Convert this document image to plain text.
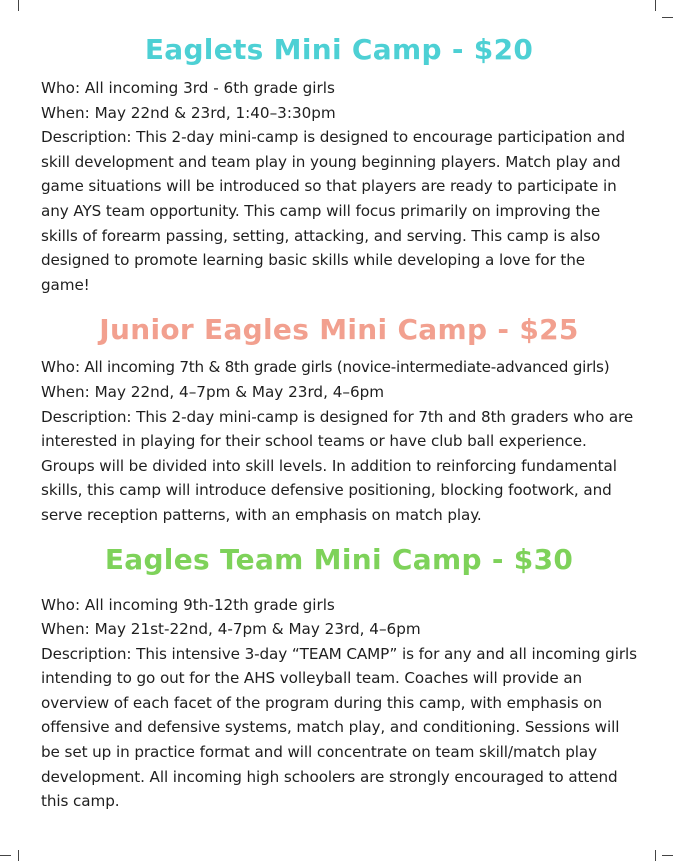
Eaglets Mini Camp - $20

Who: All incoming 3rd - 6th grade girls

When: May 22nd & 23rd, 1:40–3:30pm

Description: This 2-day mini-camp is designed to encourage participation and skill development and team play in young beginning players. Match play and game situations will be introduced so that players are ready to participate in any AYS team opportunity. This camp will focus primarily on improving the skills of forearm passing, setting, attacking, and serving. This camp is also designed to promote learning basic skills while developing a love for the game!

Junior Eagles Mini Camp - $25

Who: All incoming 7th & 8th grade girls (novice-intermediate-advanced girls)

When: May 22nd, 4–7pm & May 23rd, 4–6pm

Description: This 2-day mini-camp is designed for 7th and 8th graders who are interested in playing for their school teams or have club ball experience. Groups will be divided into skill levels. In addition to reinforcing fundamental skills, this camp will introduce defensive positioning, blocking footwork, and serve reception patterns, with an emphasis on match play.

Eagles Team Mini Camp - $30

Who: All incoming 9th-12th grade girls

When: May 21st-22nd, 4-7pm & May 23rd, 4–6pm

Description: This intensive 3-day “TEAM CAMP” is for any and all incoming girls intending to go out for the AHS volleyball team. Coaches will provide an overview of each facet of the program during this camp, with emphasis on offensive and defensive systems, match play, and conditioning. Sessions will be set up in practice format and will concentrate on team skill/match play development. All incoming high schoolers are strongly encouraged to attend this camp.
